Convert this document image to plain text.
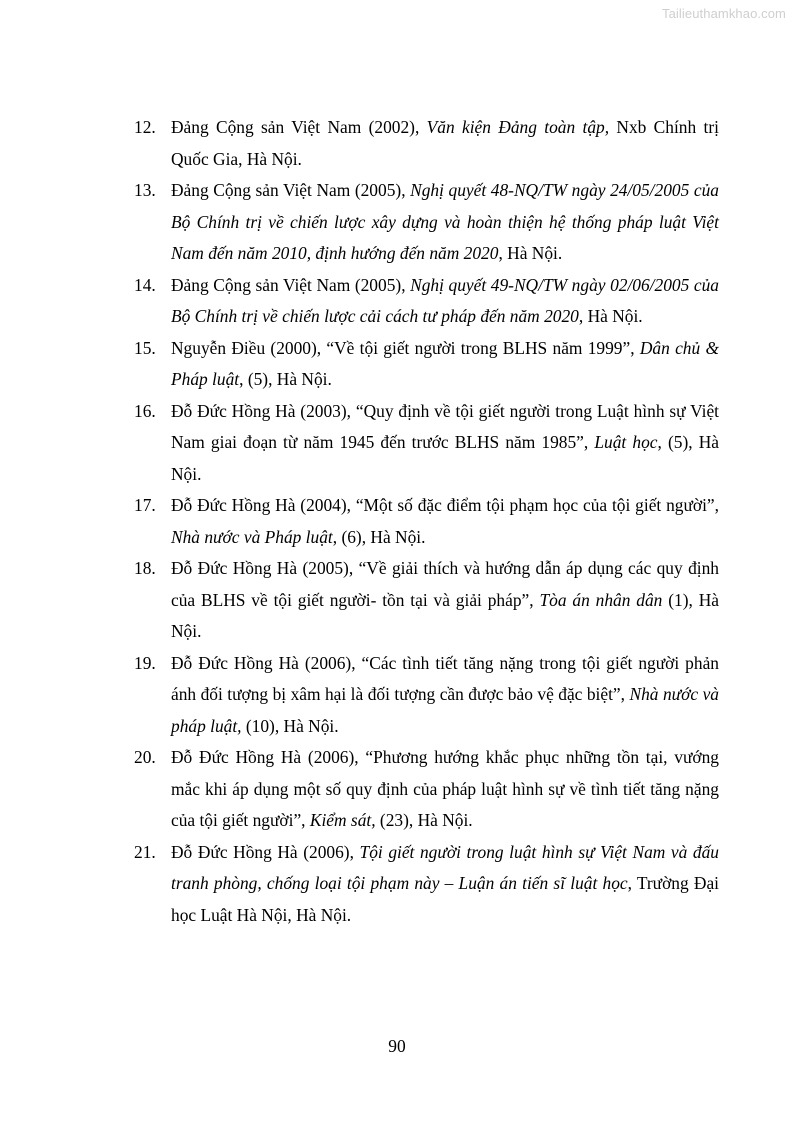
Tailieuthamkhao.com
12. Đảng Cộng sản Việt Nam (2002), Văn kiện Đảng toàn tập, Nxb Chính trị Quốc Gia, Hà Nội.
13. Đảng Cộng sản Việt Nam (2005), Nghị quyết 48-NQ/TW ngày 24/05/2005 của Bộ Chính trị về chiến lược xây dựng và hoàn thiện hệ thống pháp luật Việt Nam đến năm 2010, định hướng đến năm 2020, Hà Nội.
14. Đảng Cộng sản Việt Nam (2005), Nghị quyết 49-NQ/TW ngày 02/06/2005 của Bộ Chính trị về chiến lược cải cách tư pháp đến năm 2020, Hà Nội.
15. Nguyễn Điều (2000), “Về tội giết người trong BLHS năm 1999”, Dân chủ & Pháp luật, (5), Hà Nội.
16. Đỗ Đức Hồng Hà (2003), “Quy định về tội giết người trong Luật hình sự Việt Nam giai đoạn từ năm 1945 đến trước BLHS năm 1985”, Luật học, (5), Hà Nội.
17. Đỗ Đức Hồng Hà (2004), “Một số đặc điểm tội phạm học của tội giết người”, Nhà nước và Pháp luật, (6), Hà Nội.
18. Đỗ Đức Hồng Hà (2005), “Về giải thích và hướng dẫn áp dụng các quy định của BLHS về tội giết người- tồn tại và giải pháp”, Tòa án nhân dân (1), Hà Nội.
19. Đỗ Đức Hồng Hà (2006), “Các tình tiết tăng nặng trong tội giết người phản ánh đối tượng bị xâm hại là đối tượng cần được bảo vệ đặc biệt”, Nhà nước và pháp luật, (10), Hà Nội.
20. Đỗ Đức Hồng Hà (2006), “Phương hướng khắc phục những tồn tại, vướng mắc khi áp dụng một số quy định của pháp luật hình sự về tình tiết tăng nặng của tội giết người”, Kiểm sát, (23), Hà Nội.
21. Đỗ Đức Hồng Hà (2006), Tội giết người trong luật hình sự Việt Nam và đấu tranh phòng, chống loại tội phạm này – Luận án tiến sĩ luật học, Trường Đại học Luật Hà Nội, Hà Nội.
90
